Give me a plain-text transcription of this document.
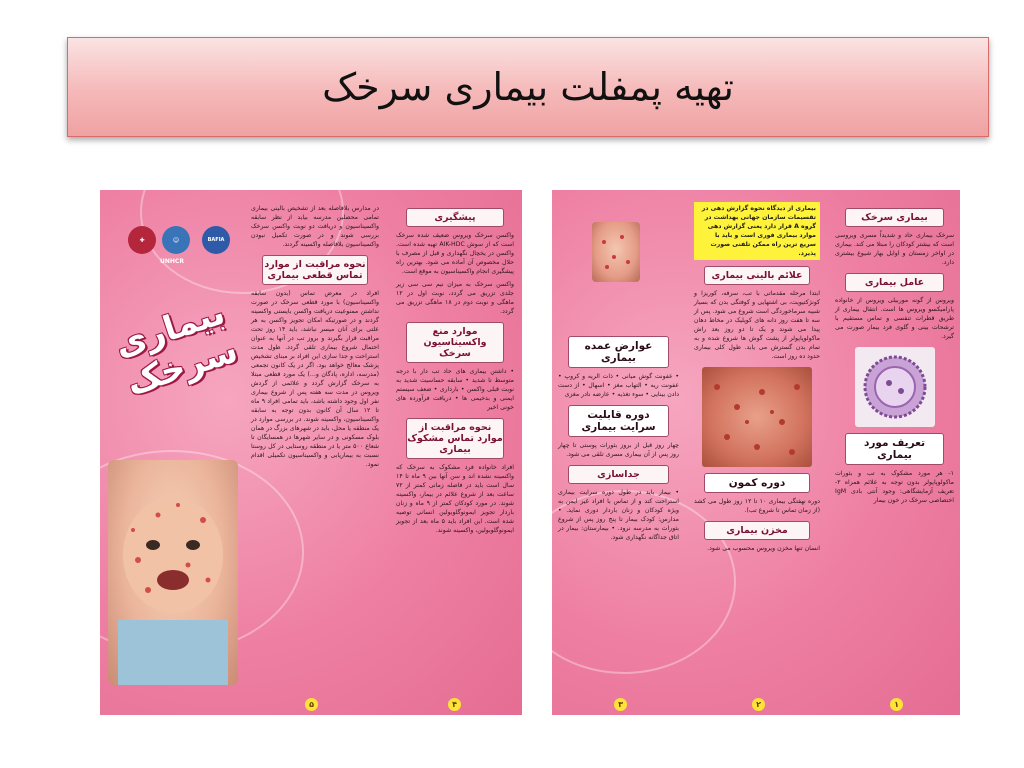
تهیه پمفلت بیماری سرخک
✚	☺
UNHCR
BAFIA
بیماری سرخک
در مدارس بلافاصله بعد از تشخیص بالینی بیماری تمامی محصلین مدرسه بیاید از نظر سابقه واکسیناسیون و دریافت دو نوبت واکسن سرخک بررسی شوند و در صورت تکمیل نبودن واکسیناسیون بلافاصله واکسینه گردند.
نحوه مراقبت از موارد تماس قطعی بیماری
افراد در معرض تماس (بدون سابقه واکسیناسیون) با مورد قطعی سرخک در صورت نداشتن ممنوعیت دریافت واکسن بایستی واکسینه گردند و در صورتیکه امکان تجویز واکسن به هر علتی برای آنان میسر نباشد، باید ۱۴ روز تحت مراقبت قرار بگیرند و بروز تب در آنها به عنوان احتمال شروع بیماری تلقی گردد. طول مدت استراحت و جدا سازی این افراد بر مبنای تشخیص پزشک معالج خواهد بود. اگر در یک کانون تجمعی (مدرسه، اداره، پادگان و...) یک مورد قطعی مبتلا به سرخک گزارش گردد و علائمی از گردش ویروس در مدت سه هفته پس از شروع بیماری نفر اول وجود داشته باشد، باید تمامی افراد ۹ ماه تا ۱۲ سال آن کانون بدون توجه به سابقه واکسیناسیون، واکسینه شوند. در بررسی موارد در یک منطقه یا محل، باید در شهرهای بزرگ در همان بلوک مسکونی و در سایر شهرها در همسایگان تا شعاع ۵۰۰ متر یا در منطقه روستایی در کل روستا نسبت به بیماریابی و واکسیناسیون تکمیلی اقدام نمود.
۵
پیشگیری
واکسن سرخک ویروس ضعیف شده سرخک است که از سوش AIK-HDC تهیه شده است. واکسن در یخچال نگهداری و قبل از مصرف با حلال مخصوص آن آماده می شود. بهترین راه پیشگیری انجام واکسیناسیون به موقع است.
واکسن سرخک به میزان نیم سی سی زیر جلدی تزریق می گردد، نوبت اول در ۱۲ ماهگی و نوبت دوم در ۱۸ ماهگی تزریق می گردد.
موارد منع واکسیناسیون سرخک
• داشتن بیماری های حاد تب دار با درجه متوسط تا شدید • سابقه حساسیت شدید به نوبت قبلی واکسن • بارداری • ضعف سیستم ایمنی و بدخیمی ها • دریافت فرآورده های خونی اخیر
نحوه مراقبت از موارد تماس مشکوک بیماری
افراد خانواده فرد مشکوک به سرخک که واکسینه نشده اند و سن آنها بین ۹ ماه تا ۱۴ سال است باید در فاصله زمانی کمتر از ۷۲ ساعت بعد از شروع علائم در بیمار، واکسینه شوند. در مورد کودکان کمتر از ۹ ماه و زنان باردار تجویز ایمونوگلوبولین انسانی توصیه شده است. این افراد باید ۵ ماه بعد از تجویز ایمونوگلوبولین، واکسینه شوند.
۴
عوارض عمده بیماری
• عفونت گوش میانی • ذات الریه و کروپ • عفونت ریه • التهاب مغز • اسهال • از دست دادن بینایی • سوء تغذیه • عارضه نادر مغزی
دوره قابلیت سرایت بیماری
چهار روز قبل از بروز بثورات پوستی تا چهار روز پس از آن بیماری مسری تلقی می شود.
جداسازی
• بیمار باید در طول دوره سرایت بیماری استراحت کند و از تماس با افراد غیر ایمن به ویژه کودکان و زنان باردار دوری نماید. • مدارس: کودک بیمار تا پنج روز پس از شروع بثورات به مدرسه نرود. • بیمارستان: بیمار در اتاق جداگانه نگهداری شود.
۳
بیماری از دیدگاه نحوه گزارش دهی در تقسیمات سازمان جهانی بهداشت در گروه A قرار دارد یعنی گزارش دهی موارد بیماری فوری است و باید با سریع ترین راه ممکن تلفنی صورت پذیرد.
علائم بالینی بیماری
ابتدا مرحله مقدماتی با تب، سرفه، کوریزا و کونژکتیویت، بی اشتهایی و کوفتگی بدن که بسیار شبیه سرماخوردگی است شروع می شود. پس از سه تا هفت روز دانه های کوپلیک در مخاط دهان پیدا می شوند و یک تا دو روز بعد راش ماکولوپاپولر از پشت گوش ها شروع شده و به تمام بدن گسترش می یابد. طول کلی بیماری حدود ده روز است.
دوره کمون
دوره نهفتگی بیماری ۱۰ تا ۱۲ روز طول می کشد (از زمان تماس تا شروع تب).
مخزن بیماری
انسان تنها مخزن ویروس محسوب می شود.
۲
بیماری سرخک
سرخک بیماری حاد و شدیداً مسری ویروسی است که بیشتر کودکان را مبتلا می کند. بیماری در اواخر زمستان و اوایل بهار شیوع بیشتری دارد.
عامل بیماری
ویروس از گونه موربیلی ویروس از خانواده پارامیکسو ویروس ها است. انتقال بیماری از طریق قطرات تنفسی و تماس مستقیم با ترشحات بینی و گلوی فرد بیمار صورت می گیرد.
تعریف مورد بیماری
۱- هر مورد مشکوک به تب و بثورات ماکولوپاپولر بدون توجه به علائم همراه ۲- تعریف آزمایشگاهی: وجود آنتی بادی IgM اختصاصی سرخک در خون بیمار
۱
